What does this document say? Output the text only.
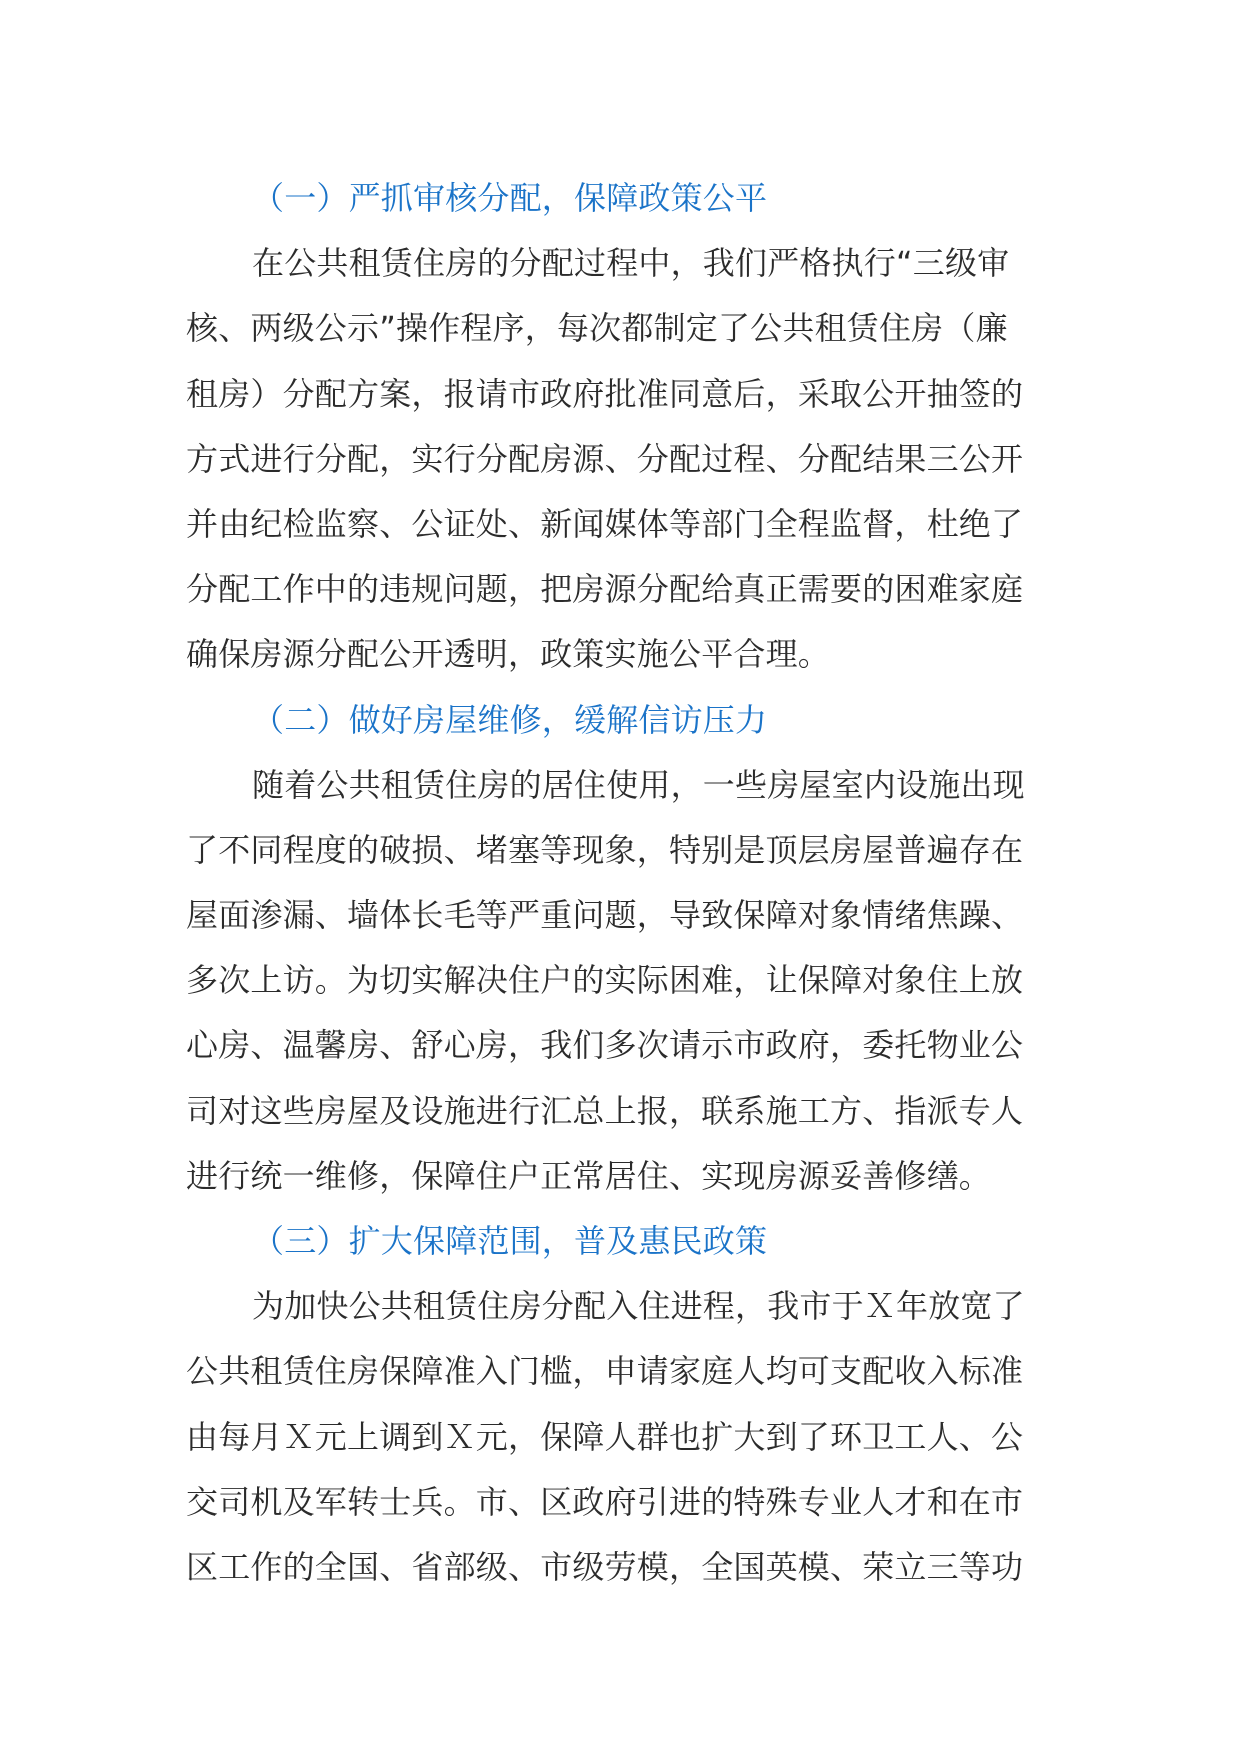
（一）严抓审核分配，保障政策公平
在公共租赁住房的分配过程中，我们严格执行“三级审
核、两级公示”操作程序，每次都制定了公共租赁住房（廉
租房）分配方案，报请市政府批准同意后，采取公开抽签的
方式进行分配，实行分配房源、分配过程、分配结果三公开
并由纪检监察、公证处、新闻媒体等部门全程监督，杜绝了
分配工作中的违规问题，把房源分配给真正需要的困难家庭
确保房源分配公开透明，政策实施公平合理。
（二）做好房屋维修，缓解信访压力
随着公共租赁住房的居住使用，一些房屋室内设施出现
了不同程度的破损、堵塞等现象，特别是顶层房屋普遍存在
屋面渗漏、墙体长毛等严重问题，导致保障对象情绪焦躁、
多次上访。为切实解决住户的实际困难，让保障对象住上放
心房、温馨房、舒心房，我们多次请示市政府，委托物业公
司对这些房屋及设施进行汇总上报，联系施工方、指派专人
进行统一维修，保障住户正常居住、实现房源妥善修缮。
（三）扩大保障范围，普及惠民政策
为加快公共租赁住房分配入住进程，我市于Ｘ年放宽了
公共租赁住房保障准入门槛，申请家庭人均可支配收入标准
由每月Ｘ元上调到Ｘ元，保障人群也扩大到了环卫工人、公
交司机及军转士兵。市、区政府引进的特殊专业人才和在市
区工作的全国、省部级、市级劳模，全国英模、荣立三等功
